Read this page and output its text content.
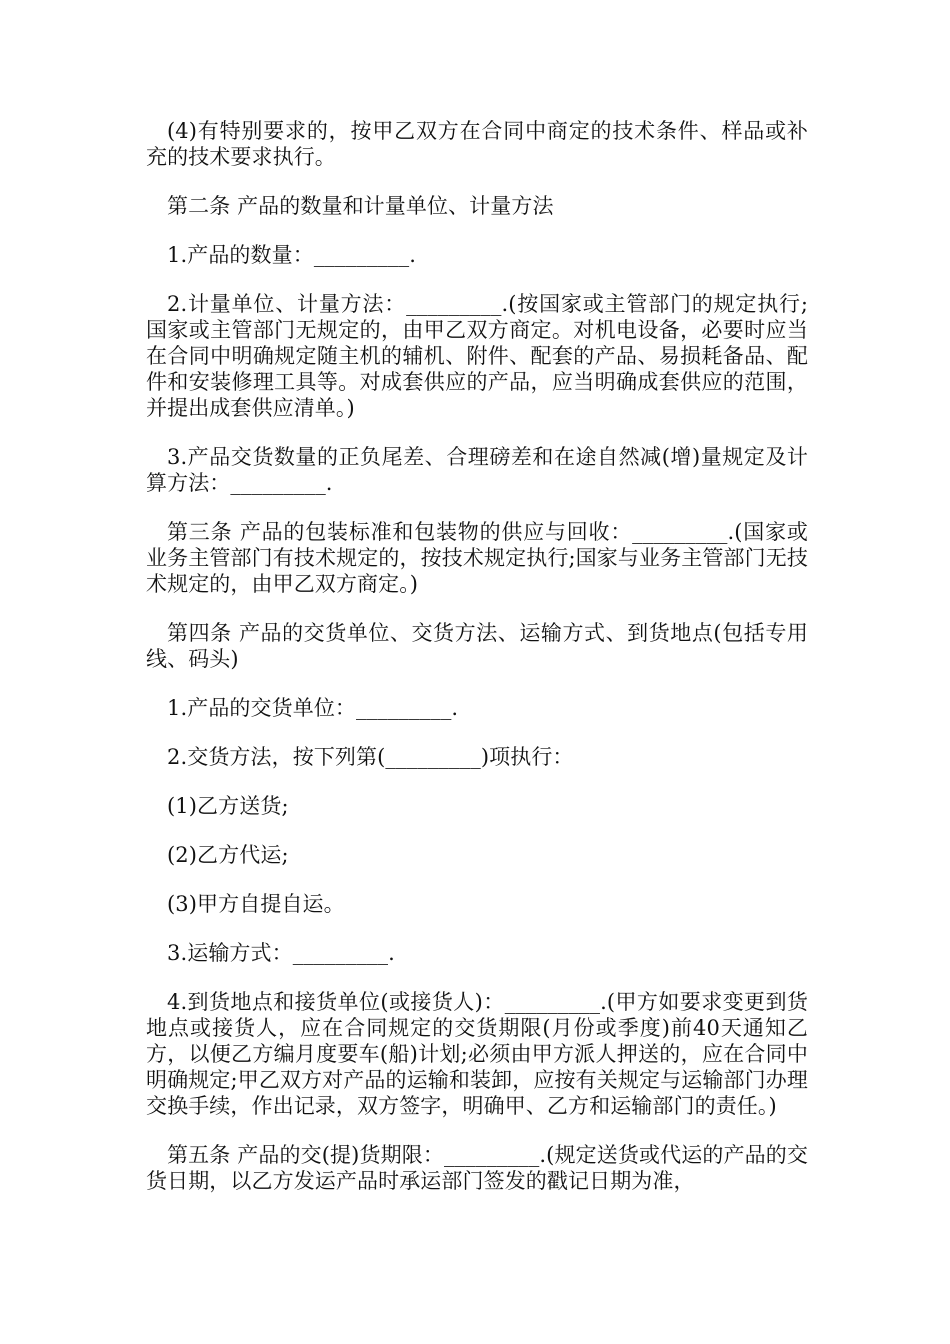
(4)有特别要求的，按甲乙双方在合同中商定的技术条件、样品或补充的技术要求执行。

第二条 产品的数量和计量单位、计量方法

1.产品的数量：_________.

2.计量单位、计量方法：_________.(按国家或主管部门的规定执行;国家或主管部门无规定的，由甲乙双方商定。对机电设备，必要时应当在合同中明确规定随主机的辅机、附件、配套的产品、易损耗备品、配件和安装修理工具等。对成套供应的产品，应当明确成套供应的范围，并提出成套供应清单。)

3.产品交货数量的正负尾差、合理磅差和在途自然减(增)量规定及计算方法：_________.

第三条 产品的包装标准和包装物的供应与回收：_________.(国家或业务主管部门有技术规定的，按技术规定执行;国家与业务主管部门无技术规定的，由甲乙双方商定。)

第四条 产品的交货单位、交货方法、运输方式、到货地点(包括专用线、码头)

1.产品的交货单位：_________.

2.交货方法，按下列第(_________)项执行：

(1)乙方送货;

(2)乙方代运;

(3)甲方自提自运。

3.运输方式：_________.

4.到货地点和接货单位(或接货人)：_________.(甲方如要求变更到货地点或接货人，应在合同规定的交货期限(月份或季度)前40天通知乙方，以便乙方编月度要车(船)计划;必须由甲方派人押送的，应在合同中明确规定;甲乙双方对产品的运输和装卸，应按有关规定与运输部门办理交换手续，作出记录，双方签字，明确甲、乙方和运输部门的责任。)

第五条 产品的交(提)货期限：_________.(规定送货或代运的产品的交货日期，以乙方发运产品时承运部门签发的戳记日期为准，
